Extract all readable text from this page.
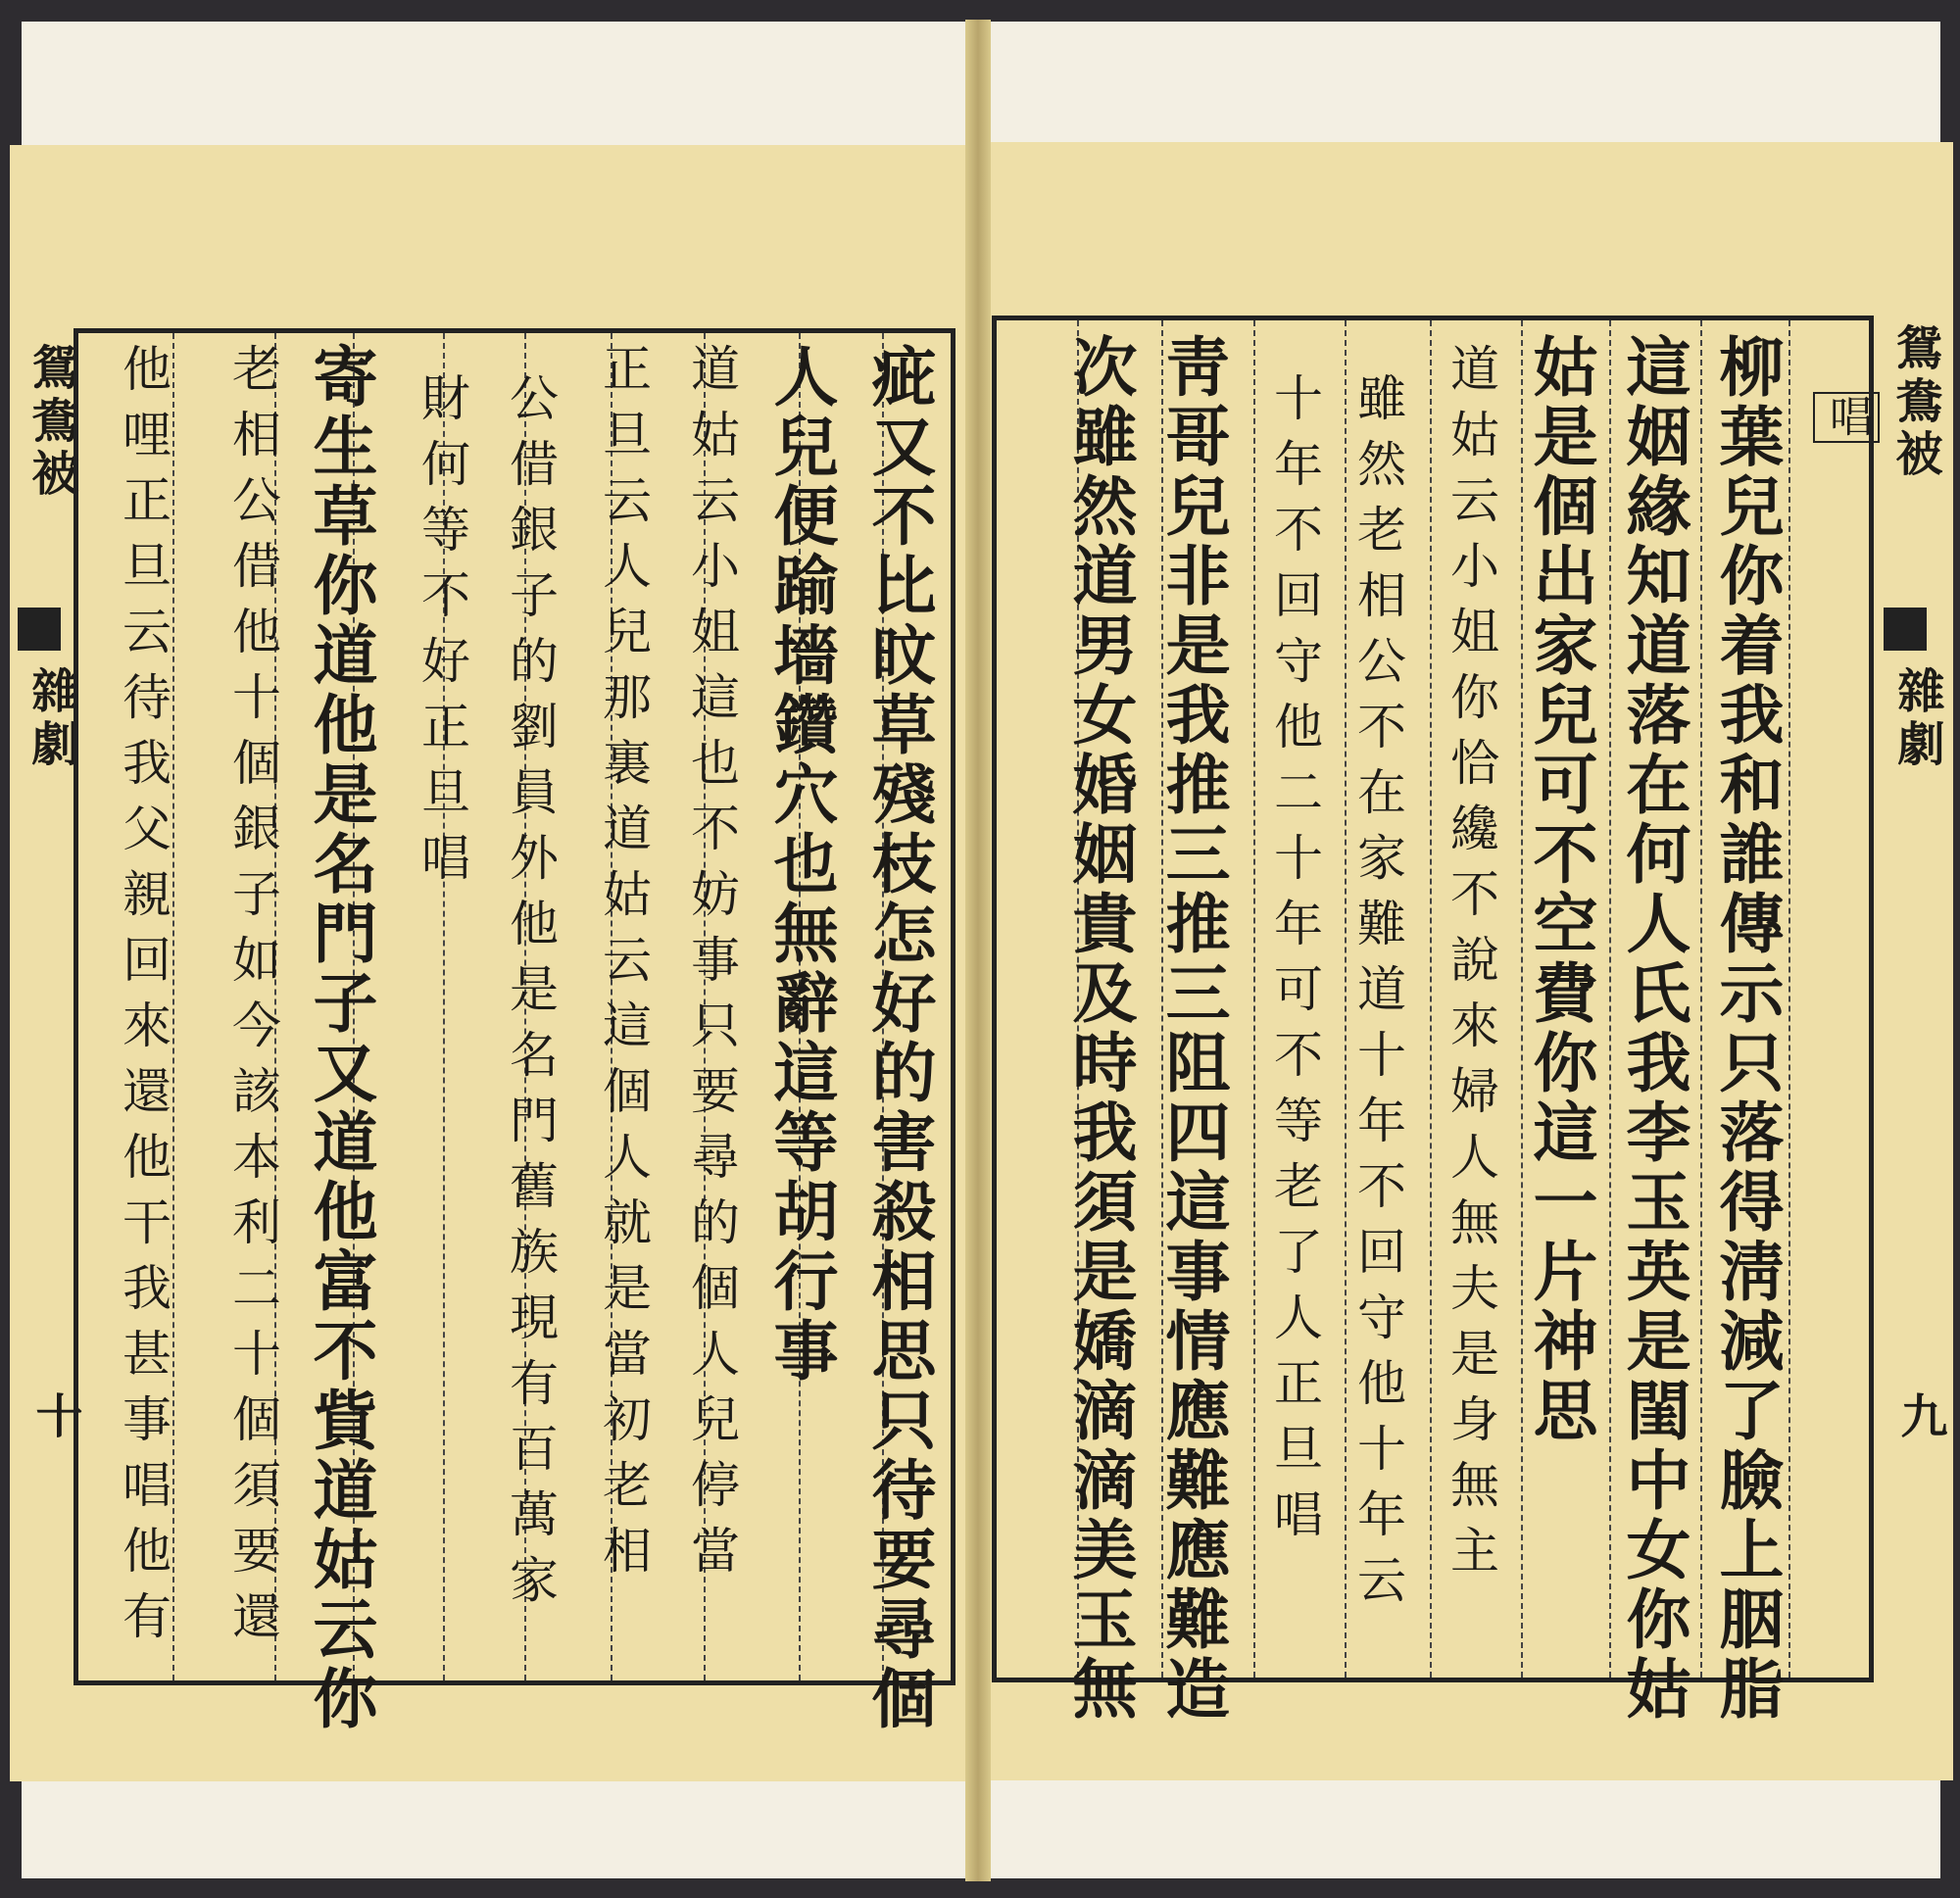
鴛鴦被
雜劇
十	疵又不比旼草殘枝怎好的害殺相思只待要尋個
人兒便踰墻鑽穴也無辭這等胡行事
道姑云小姐這也不妨事只要尋的個人兒停當
正旦云人兒那裏道姑云這個人就是當初老相
公借銀子的劉員外他是名門舊族現有百萬家
財何等不好正旦唱
寄生草你道他是名門子又道他富不貲道姑云你
老相公借他十個銀子如今該本利二十個須要還
他哩正旦云待我父親回來還他干我甚事唱他有	鴛鴦被
雜劇
九
唱
柳葉兒你着我和誰傳示只落得淸減了臉上胭脂
這姻緣知道落在何人氏我李玉英是閨中女你姑
姑是個出家兒可不空費你這一片神思
道姑云小姐你恰纔不說來婦人無夫是身無主
雖然老相公不在家難道十年不回守他十年云
十年不回守他二十年可不等老了人正旦唱
靑哥兒非是我推三推三阻四這事情應難應難造
次雖然道男女婚姻貴及時我須是嬌滴滴美玉無
